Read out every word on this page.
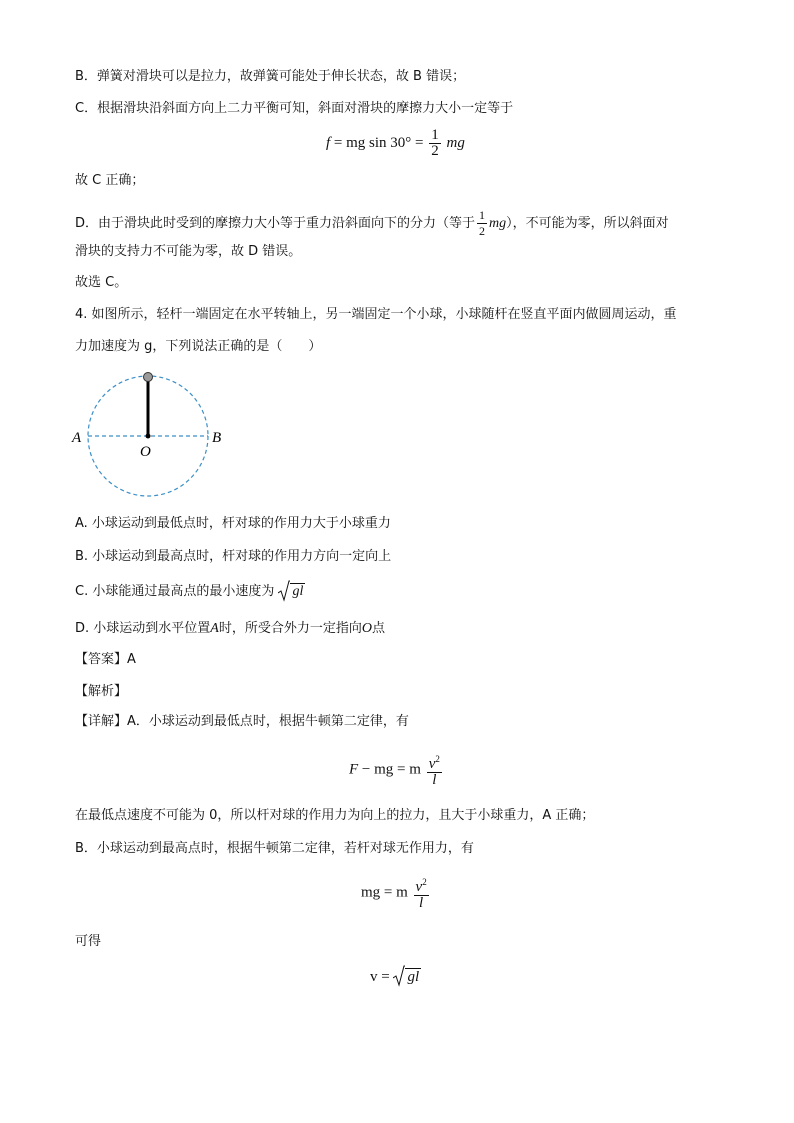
B．弹簧对滑块可以是拉力，故弹簧可能处于伸长状态，故 B 错误；
C．根据滑块沿斜面方向上二力平衡可知，斜面对滑块的摩擦力大小一定等于
f = mg $\sin 30^\circ = \frac{1}{2}$ mg
故 C 正确；
D．由于滑块此时受到的摩擦力大小等于重力沿斜面向下的分力（等于 $\frac{1}{2} mg$），不可能为零，所以斜面对
滑块的支持力不可能为零，故 D 错误。
故选 C。
4. 如图所示，轻杆一端固定在水平转轴上，另一端固定一个小球，小球随杆在竖直平面内做圆周运动，重
力加速度为 g，下列说法正确的是（　　）
A	B
O
A. 小球运动到最低点时，杆对球的作用力大于小球重力
B. 小球运动到最高点时，杆对球的作用力方向一定向上
C. 小球能通过最高点的最小速度为 gl
D. 小球运动到水平位置A时，所受合外力一定指向O点
【答案】A
【解析】
【详解】A．小球运动到最低点时，根据牛顿第二定律，有
F − mg = m $\frac{v^2}{l}$
在最低点速度不可能为 0，所以杆对球的作用力为向上的拉力，且大于小球重力，A 正确；
B．小球运动到最高点时，根据牛顿第二定律，若杆对球无作用力，有
mg = m $\frac{v^2}{l}$
可得
v = gl
